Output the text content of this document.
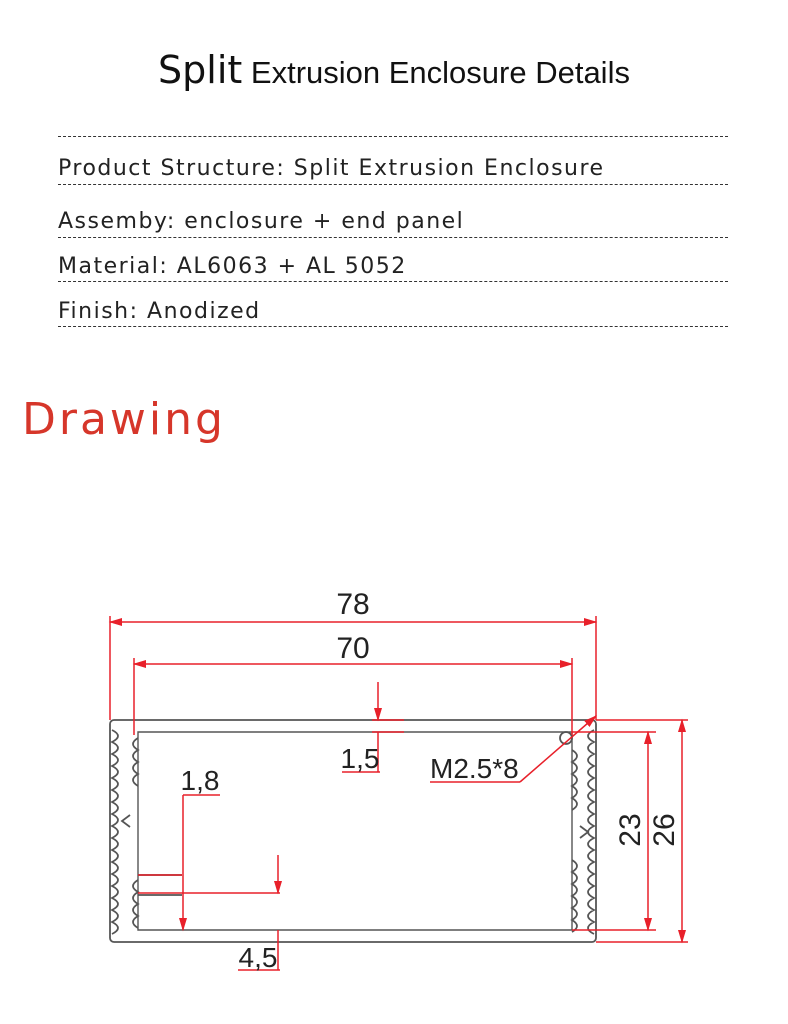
Split Extrusion Enclosure Details
Product Structure: Split Extrusion Enclosure
Assemby: enclosure + end panel
Material: AL6063 + AL 5052
Finish: Anodized
Drawing
78
70
1,5
1,8
4,5
M2.5*8
23 26
